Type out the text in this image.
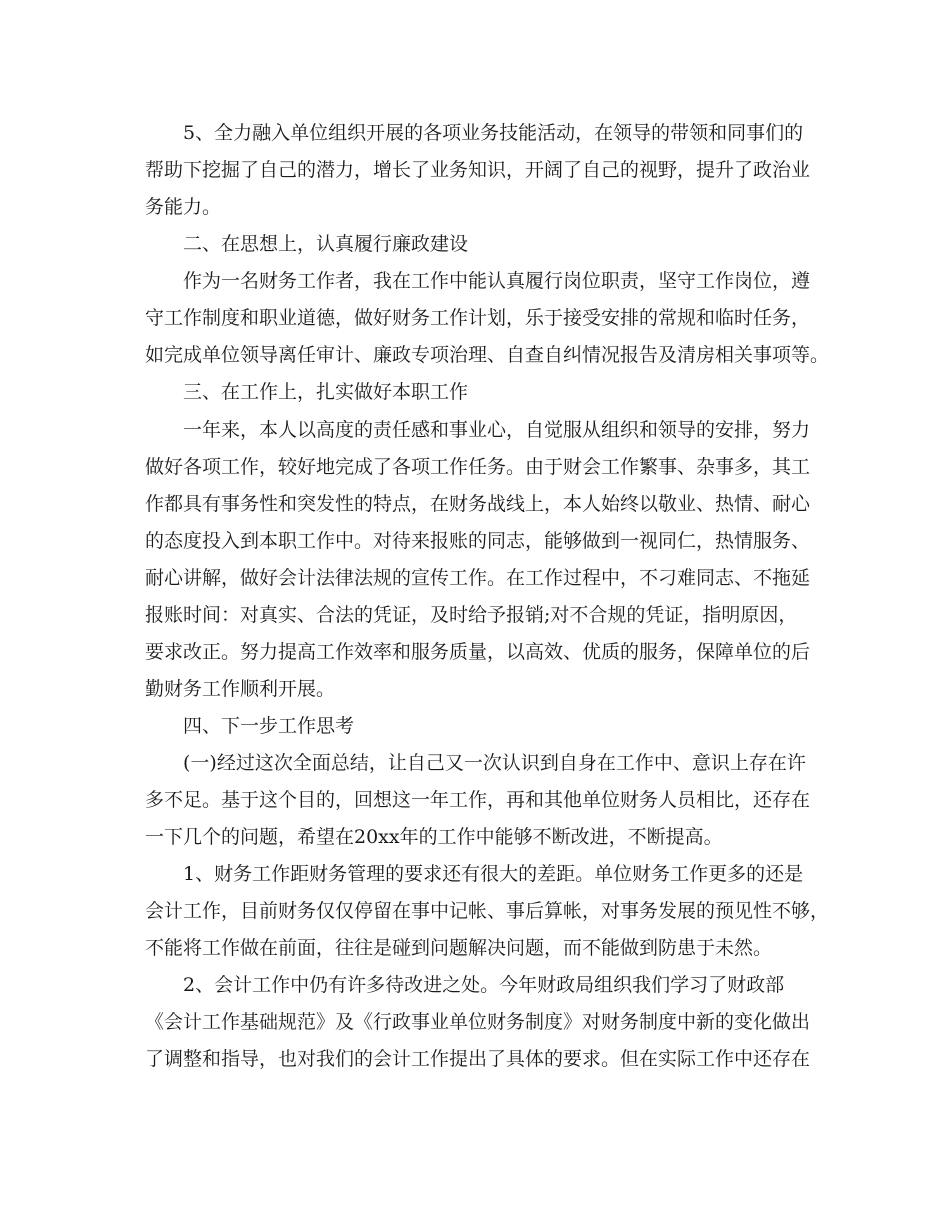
5、全力融入单位组织开展的各项业务技能活动，在领导的带领和同事们的
帮助下挖掘了自己的潜力，增长了业务知识，开阔了自己的视野，提升了政治业
务能力。
二、在思想上，认真履行廉政建设
作为一名财务工作者，我在工作中能认真履行岗位职责，坚守工作岗位，遵
守工作制度和职业道德，做好财务工作计划，乐于接受安排的常规和临时任务，
如完成单位领导离任审计、廉政专项治理、自查自纠情况报告及清房相关事项等。
三、在工作上，扎实做好本职工作
一年来，本人以高度的责任感和事业心，自觉服从组织和领导的安排，努力
做好各项工作，较好地完成了各项工作任务。由于财会工作繁事、杂事多，其工
作都具有事务性和突发性的特点，在财务战线上，本人始终以敬业、热情、耐心
的态度投入到本职工作中。对待来报账的同志，能够做到一视同仁，热情服务、
耐心讲解，做好会计法律法规的宣传工作。在工作过程中，不刁难同志、不拖延
报账时间：对真实、合法的凭证，及时给予报销;对不合规的凭证，指明原因，
要求改正。努力提高工作效率和服务质量，以高效、优质的服务，保障单位的后
勤财务工作顺利开展。
四、下一步工作思考
(一)经过这次全面总结，让自己又一次认识到自身在工作中、意识上存在许
多不足。基于这个目的，回想这一年工作，再和其他单位财务人员相比，还存在
一下几个的问题，希望在20xx年的工作中能够不断改进，不断提高。
1、财务工作距财务管理的要求还有很大的差距。单位财务工作更多的还是
会计工作，目前财务仅仅停留在事中记帐、事后算帐，对事务发展的预见性不够，
不能将工作做在前面，往往是碰到问题解决问题，而不能做到防患于未然。
2、会计工作中仍有许多待改进之处。今年财政局组织我们学习了财政部
《会计工作基础规范》及《行政事业单位财务制度》对财务制度中新的变化做出
了调整和指导，也对我们的会计工作提出了具体的要求。但在实际工作中还存在
